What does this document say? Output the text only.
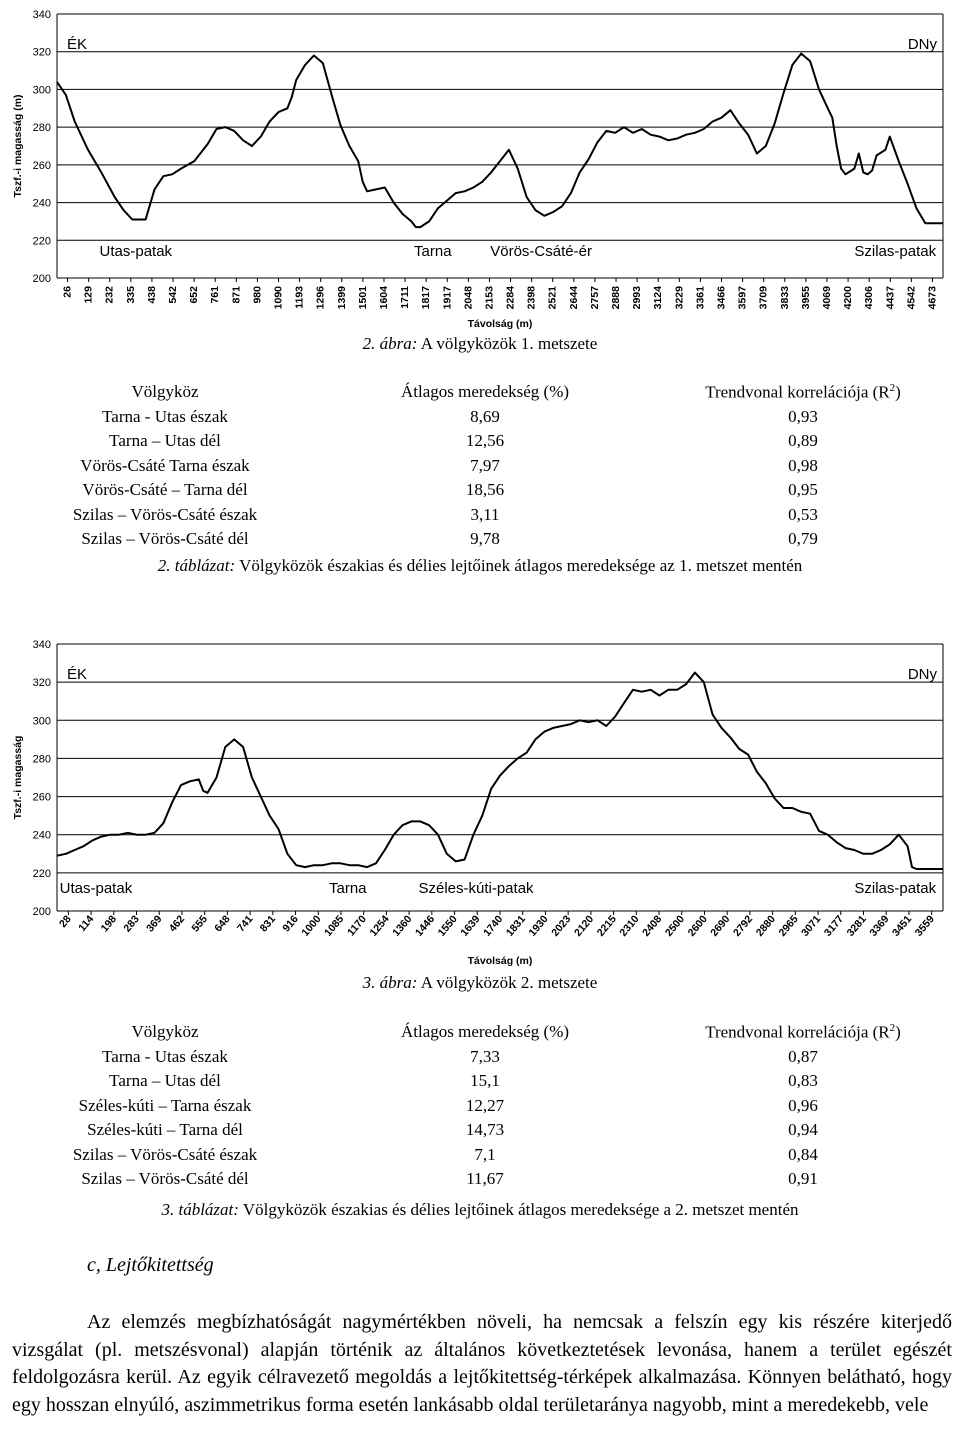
200
220
240
260
280
300
320
340
26 129 232 335 438 542 652 761 871 980 1090 1193 1296 1399 1501 1604 1711 1817 1917 2048 2153 2284 2398 2521 2644 2757 2888 2993 3124 3229 3361 3466 3597 3709 3833 3955 4069 4200 4306 4437 4542 4673
Tszf.-i magasság (m)
Távolság (m)
ÉK	DNy
Utas-patak	Tarna	Vörös-Csáté-ér	Szilas-patak
2. ábra: A völgyközök 1. metszete
Völgyköz	Átlagos meredekség (%)	Trendvonal korrelációja $(R^2)$
Tarna - Utas észak	8,69	0,93
Tarna – Utas dél	12,56	0,89
Vörös-Csáté Tarna észak	7,97	0,98
Vörös-Csáté – Tarna dél	18,56	0,95
Szilas – Vörös-Csáté észak	3,11	0,53
Szilas – Vörös-Csáté dél	9,78	0,79
2. táblázat: Völgyközök északias és délies lejtőinek átlagos meredeksége az 1. metszet mentén
200
220
240
260
280
300
320
340
28 114 198 283 369 462 555 648 741 831 916
1000
1085
1170
1254
1360
1446
1550
1639
1740
1831
1930
2023
2120
2215
2310
2408
2500
2600
2690
2792
2880
2965
3071
3177
3281
3369
3451
3559
Tszf.-i magasság
Távolság (m)
ÉK	DNy
Utas-patak	Tarna	Széles-kúti-patak	Szilas-patak
3. ábra: A völgyközök 2. metszete
Völgyköz	Átlagos meredekség (%)	Trendvonal korrelációja $(R^2)$
Tarna - Utas észak	7,33	0,87
Tarna – Utas dél	15,1	0,83
Széles-kúti – Tarna észak	12,27	0,96
Széles-kúti – Tarna dél	14,73	0,94
Szilas – Vörös-Csáté észak	7,1	0,84
Szilas – Vörös-Csáté dél	11,67	0,91
3. táblázat: Völgyközök északias és délies lejtőinek átlagos meredeksége a 2. metszet mentén
c, Lejtőkitettség
Az elemzés megbízhatóságát nagymértékben növeli, ha nemcsak a felszín egy kis részére kiterjedő vizsgálat (pl. metszésvonal) alapján történik az általános következtetések levonása, hanem a terület egészét feldolgozásra kerül. Az egyik célravezető megoldás a lejtőkitettség-térképek alkalmazása. Könnyen belátható, hogy egy hosszan elnyúló, aszimmetrikus forma esetén lankásabb oldal területaránya nagyobb, mint a meredekebb, vele
